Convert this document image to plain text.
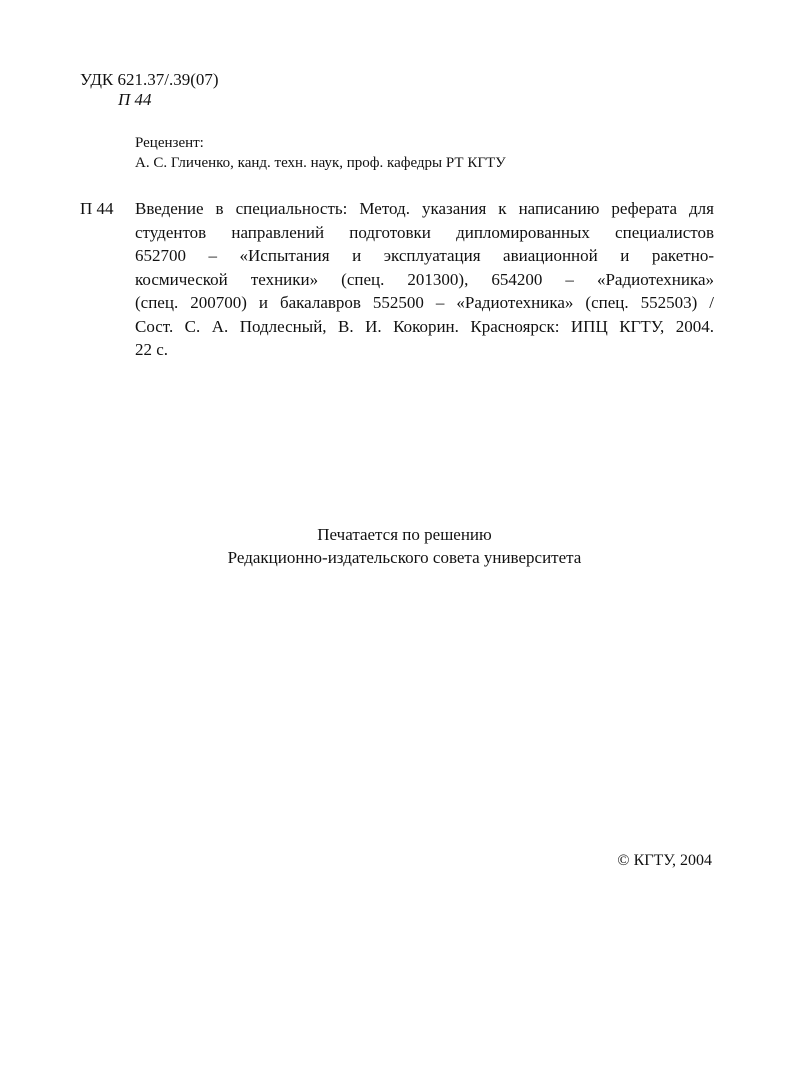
УДК 621.37/.39(07)
П 44
Рецензент:
А. С. Гличенко, канд. техн. наук, проф. кафедры РТ КГТУ
П 44 Введение в специальность: Метод. указания к написанию реферата для
студентов направлений подготовки дипломированных специалистов
652700 – «Испытания и эксплуатация авиационной и ракетно-
космической техники» (спец. 201300), 654200 – «Радиотехника»
(спец. 200700) и бакалавров 552500 – «Радиотехника» (спец. 552503) /
Сост. С. А. Подлесный, В. И. Кокорин. Красноярск: ИПЦ КГТУ, 2004.
22 с.
Печатается по решению
Редакционно-издательского совета университета
© КГТУ, 2004
